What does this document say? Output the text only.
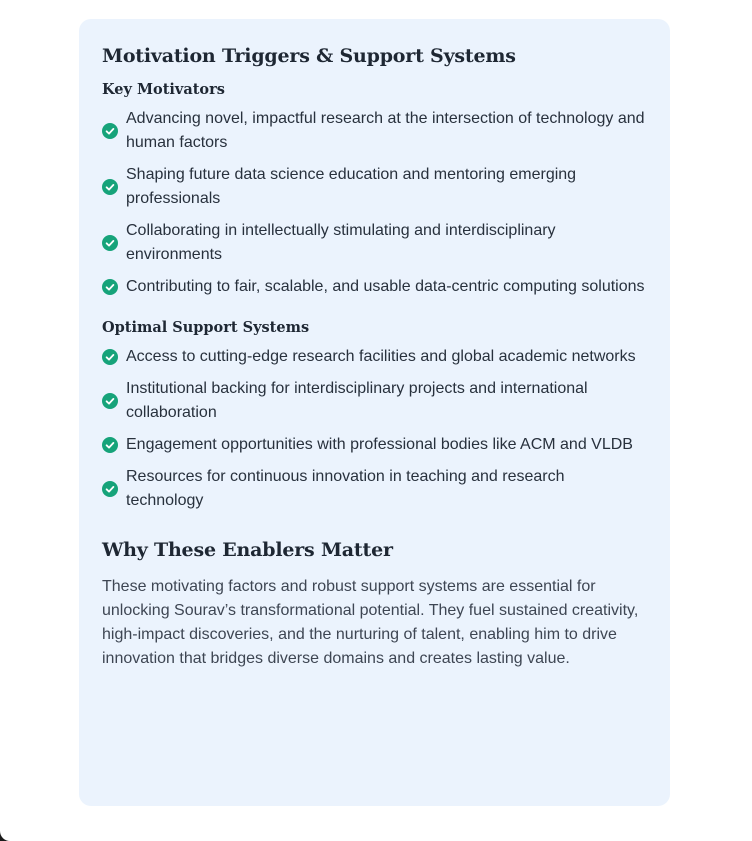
Motivation Triggers & Support Systems
Key Motivators
Advancing novel, impactful research at the intersection of technology and human factors
Shaping future data science education and mentoring emerging professionals
Collaborating in intellectually stimulating and interdisciplinary environments
Contributing to fair, scalable, and usable data-centric computing solutions
Optimal Support Systems
Access to cutting-edge research facilities and global academic networks
Institutional backing for interdisciplinary projects and international collaboration
Engagement opportunities with professional bodies like ACM and VLDB
Resources for continuous innovation in teaching and research technology
Why These Enablers Matter

These motivating factors and robust support systems are essential for unlocking Sourav’s transformational potential. They fuel sustained creativity, high-impact discoveries, and the nurturing of talent, enabling him to drive innovation that bridges diverse domains and creates lasting value.
